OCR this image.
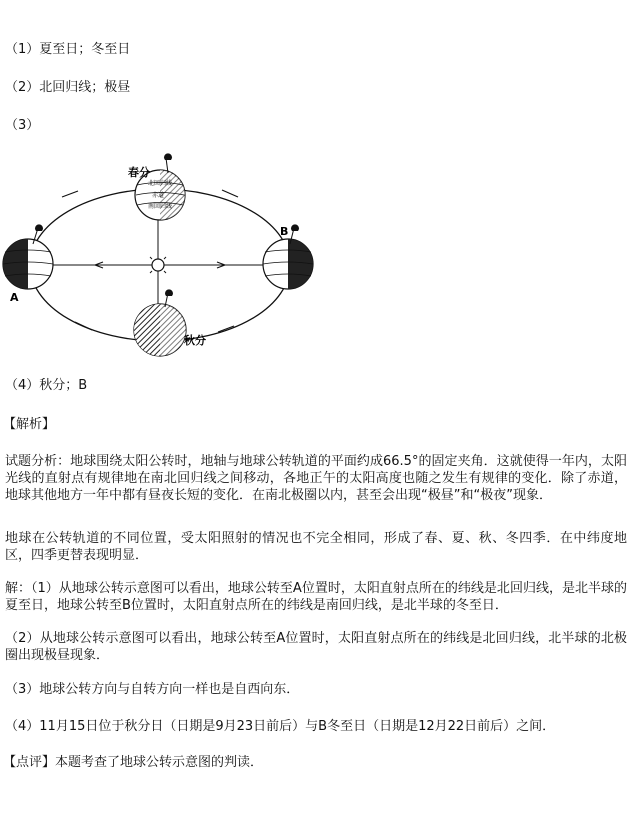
（1）夏至日；冬至日
（2）北回归线；极昼
（3）
北回归线
赤道
南回归线
春分
A
B
秋分
（4）秋分；B
【解析】
试题分析：地球围绕太阳公转时，地轴与地球公转轨道的平面约成66.5°的固定夹角．这就使得一年内，太阳光线的直射点有规律地在南北回归线之间移动，各地正午的太阳高度也随之发生有规律的变化．除了赤道，地球其他地方一年中都有昼夜长短的变化．在南北极圈以内，甚至会出现“极昼”和“极夜”现象．
地球在公转轨道的不同位置，受太阳照射的情况也不完全相同，形成了春、夏、秋、冬四季．在中纬度地区，四季更替表现明显．
解：（1）从地球公转示意图可以看出，地球公转至A位置时，太阳直射点所在的纬线是北回归线，是北半球的夏至日，地球公转至B位置时，太阳直射点所在的纬线是南回归线，是北半球的冬至日．
（2）从地球公转示意图可以看出，地球公转至A位置时，太阳直射点所在的纬线是北回归线，北半球的北极圈出现极昼现象．
（3）地球公转方向与自转方向一样也是自西向东．
（4）11月15日位于秋分日（日期是9月23日前后）与B冬至日（日期是12月22日前后）之间．
【点评】本题考查了地球公转示意图的判读．
